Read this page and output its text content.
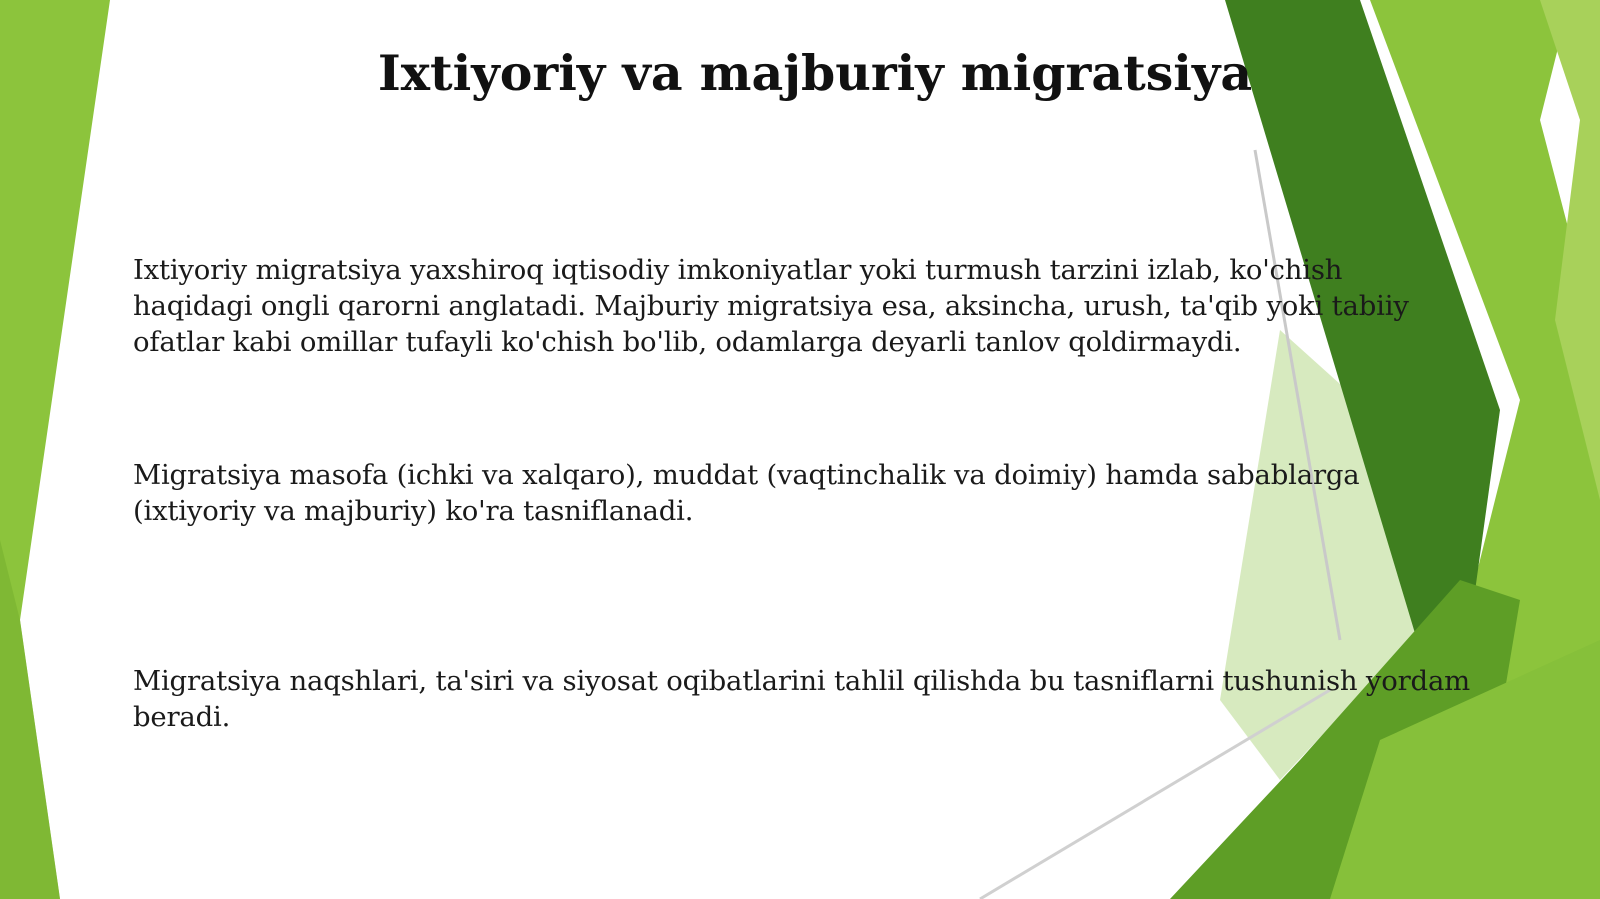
Ixtiyoriy va majburiy migratsiya

Ixtiyoriy migratsiya yaxshiroq iqtisodiy imkoniyatlar yoki turmush tarzini izlab, ko'chish haqidagi ongli qarorni anglatadi. Majburiy migratsiya esa, aksincha, urush, ta'qib yoki tabiiy ofatlar kabi omillar tufayli ko'chish bo'lib, odamlarga deyarli tanlov qoldirmaydi.

Migratsiya masofa (ichki va xalqaro), muddat (vaqtinchalik va doimiy) hamda sabablarga (ixtiyoriy va majburiy) ko'ra tasniflanadi.

Migratsiya naqshlari, ta'siri va siyosat oqibatlarini tahlil qilishda bu tasniflarni tushunish yordam beradi.
